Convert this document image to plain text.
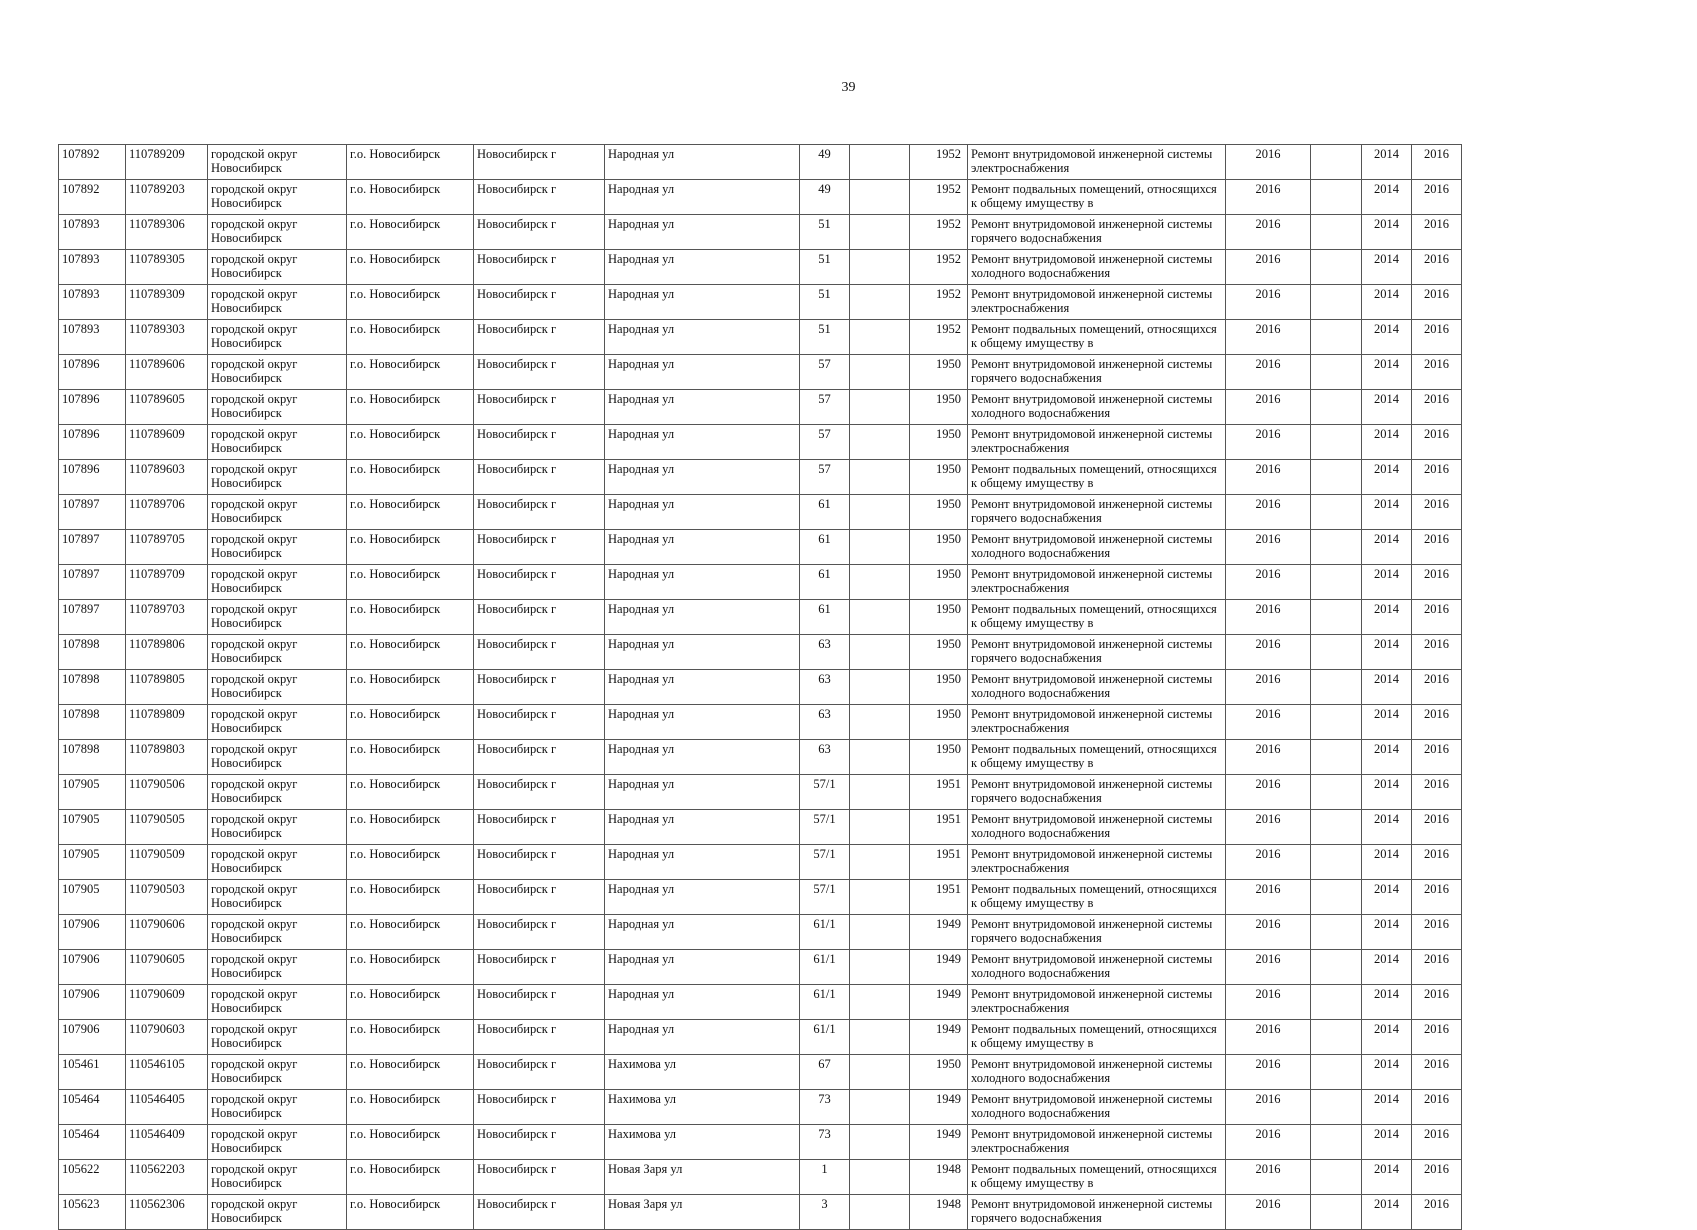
39
107892	110789209	городской округ Новосибирск	г.о. Новосибирск	Новосибирск г	Народная ул	49		1952	Ремонт внутридомовой инженерной системы электроснабжения	2016		2014	2016
107892	110789203	городской округ Новосибирск	г.о. Новосибирск	Новосибирск г	Народная ул	49		1952	Ремонт подвальных помещений, относящихся к общему имуществу в	2016		2014	2016
107893	110789306	городской округ Новосибирск	г.о. Новосибирск	Новосибирск г	Народная ул	51		1952	Ремонт внутридомовой инженерной системы горячего водоснабжения	2016		2014	2016
107893	110789305	городской округ Новосибирск	г.о. Новосибирск	Новосибирск г	Народная ул	51		1952	Ремонт внутридомовой инженерной системы холодного водоснабжения	2016		2014	2016
107893	110789309	городской округ Новосибирск	г.о. Новосибирск	Новосибирск г	Народная ул	51		1952	Ремонт внутридомовой инженерной системы электроснабжения	2016		2014	2016
107893	110789303	городской округ Новосибирск	г.о. Новосибирск	Новосибирск г	Народная ул	51		1952	Ремонт подвальных помещений, относящихся к общему имуществу в	2016		2014	2016
107896	110789606	городской округ Новосибирск	г.о. Новосибирск	Новосибирск г	Народная ул	57		1950	Ремонт внутридомовой инженерной системы горячего водоснабжения	2016		2014	2016
107896	110789605	городской округ Новосибирск	г.о. Новосибирск	Новосибирск г	Народная ул	57		1950	Ремонт внутридомовой инженерной системы холодного водоснабжения	2016		2014	2016
107896	110789609	городской округ Новосибирск	г.о. Новосибирск	Новосибирск г	Народная ул	57		1950	Ремонт внутридомовой инженерной системы электроснабжения	2016		2014	2016
107896	110789603	городской округ Новосибирск	г.о. Новосибирск	Новосибирск г	Народная ул	57		1950	Ремонт подвальных помещений, относящихся к общему имуществу в	2016		2014	2016
107897	110789706	городской округ Новосибирск	г.о. Новосибирск	Новосибирск г	Народная ул	61		1950	Ремонт внутридомовой инженерной системы горячего водоснабжения	2016		2014	2016
107897	110789705	городской округ Новосибирск	г.о. Новосибирск	Новосибирск г	Народная ул	61		1950	Ремонт внутридомовой инженерной системы холодного водоснабжения	2016		2014	2016
107897	110789709	городской округ Новосибирск	г.о. Новосибирск	Новосибирск г	Народная ул	61		1950	Ремонт внутридомовой инженерной системы электроснабжения	2016		2014	2016
107897	110789703	городской округ Новосибирск	г.о. Новосибирск	Новосибирск г	Народная ул	61		1950	Ремонт подвальных помещений, относящихся к общему имуществу в	2016		2014	2016
107898	110789806	городской округ Новосибирск	г.о. Новосибирск	Новосибирск г	Народная ул	63		1950	Ремонт внутридомовой инженерной системы горячего водоснабжения	2016		2014	2016
107898	110789805	городской округ Новосибирск	г.о. Новосибирск	Новосибирск г	Народная ул	63		1950	Ремонт внутридомовой инженерной системы холодного водоснабжения	2016		2014	2016
107898	110789809	городской округ Новосибирск	г.о. Новосибирск	Новосибирск г	Народная ул	63		1950	Ремонт внутридомовой инженерной системы электроснабжения	2016		2014	2016
107898	110789803	городской округ Новосибирск	г.о. Новосибирск	Новосибирск г	Народная ул	63		1950	Ремонт подвальных помещений, относящихся к общему имуществу в	2016		2014	2016
107905	110790506	городской округ Новосибирск	г.о. Новосибирск	Новосибирск г	Народная ул	57/1		1951	Ремонт внутридомовой инженерной системы горячего водоснабжения	2016		2014	2016
107905	110790505	городской округ Новосибирск	г.о. Новосибирск	Новосибирск г	Народная ул	57/1		1951	Ремонт внутридомовой инженерной системы холодного водоснабжения	2016		2014	2016
107905	110790509	городской округ Новосибирск	г.о. Новосибирск	Новосибирск г	Народная ул	57/1		1951	Ремонт внутридомовой инженерной системы электроснабжения	2016		2014	2016
107905	110790503	городской округ Новосибирск	г.о. Новосибирск	Новосибирск г	Народная ул	57/1		1951	Ремонт подвальных помещений, относящихся к общему имуществу в	2016		2014	2016
107906	110790606	городской округ Новосибирск	г.о. Новосибирск	Новосибирск г	Народная ул	61/1		1949	Ремонт внутридомовой инженерной системы горячего водоснабжения	2016		2014	2016
107906	110790605	городской округ Новосибирск	г.о. Новосибирск	Новосибирск г	Народная ул	61/1		1949	Ремонт внутридомовой инженерной системы холодного водоснабжения	2016		2014	2016
107906	110790609	городской округ Новосибирск	г.о. Новосибирск	Новосибирск г	Народная ул	61/1		1949	Ремонт внутридомовой инженерной системы электроснабжения	2016		2014	2016
107906	110790603	городской округ Новосибирск	г.о. Новосибирск	Новосибирск г	Народная ул	61/1		1949	Ремонт подвальных помещений, относящихся к общему имуществу в	2016		2014	2016
105461	110546105	городской округ Новосибирск	г.о. Новосибирск	Новосибирск г	Нахимова ул	67		1950	Ремонт внутридомовой инженерной системы холодного водоснабжения	2016		2014	2016
105464	110546405	городской округ Новосибирск	г.о. Новосибирск	Новосибирск г	Нахимова ул	73		1949	Ремонт внутридомовой инженерной системы холодного водоснабжения	2016		2014	2016
105464	110546409	городской округ Новосибирск	г.о. Новосибирск	Новосибирск г	Нахимова ул	73		1949	Ремонт внутридомовой инженерной системы электроснабжения	2016		2014	2016
105622	110562203	городской округ Новосибирск	г.о. Новосибирск	Новосибирск г	Новая Заря ул	1		1948	Ремонт подвальных помещений, относящихся к общему имуществу в	2016		2014	2016
105623	110562306	городской округ Новосибирск	г.о. Новосибирск	Новосибирск г	Новая Заря ул	3		1948	Ремонт внутридомовой инженерной системы горячего водоснабжения	2016		2014	2016
